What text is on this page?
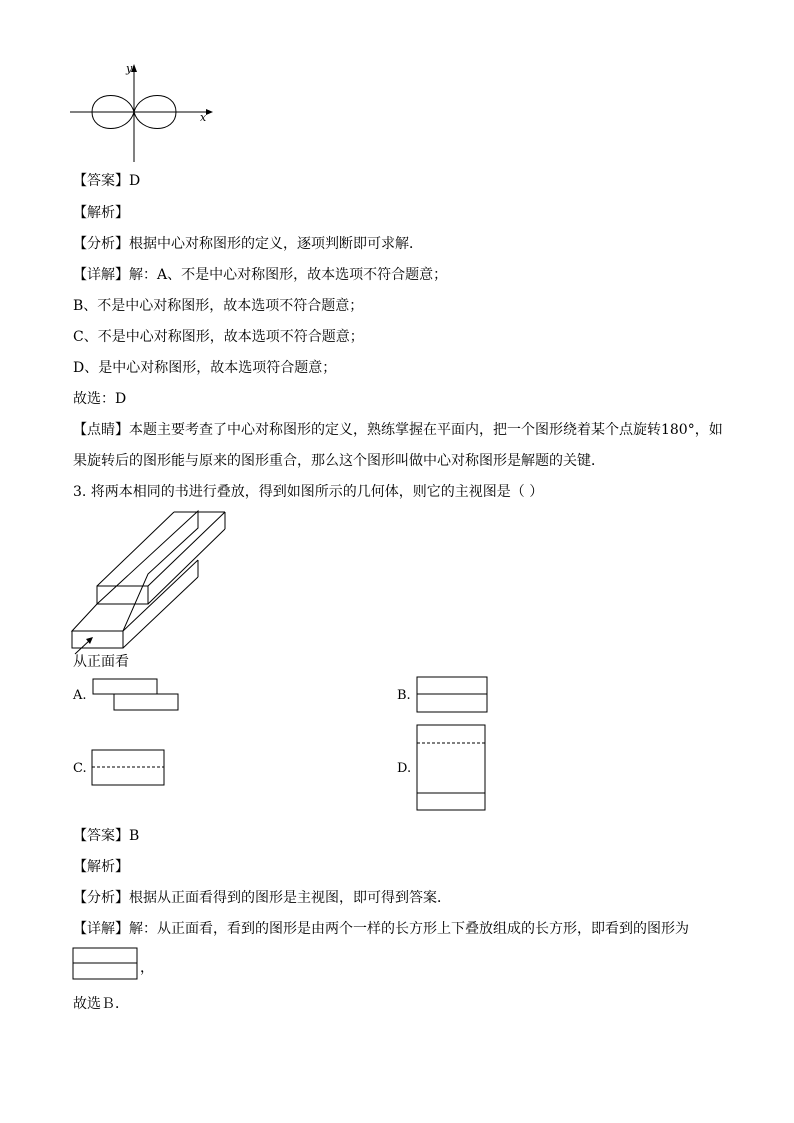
y
x
【答案】D
【解析】
【分析】根据中心对称图形的定义，逐项判断即可求解．
【详解】解：A、不是中心对称图形，故本选项不符合题意；
B、不是中心对称图形，故本选项不符合题意；
C、不是中心对称图形，故本选项不符合题意；
D、是中心对称图形，故本选项符合题意；
故选：D
【点睛】本题主要考查了中心对称图形的定义，熟练掌握在平面内，把一个图形绕着某个点旋转180°，如果旋转后的图形能与原来的图形重合，那么这个图形叫做中心对称图形是解题的关键．
3. 将两本相同的书进行叠放，得到如图所示的几何体，则它的主视图是（ ）
从正面看
A.	B.
C.	D.
【答案】B
【解析】
【分析】根据从正面看得到的图形是主视图，即可得到答案．
【详解】解：从正面看，看到的图形是由两个一样的长方形上下叠放组成的长方形，即看到的图形为
，
故选Ｂ．
